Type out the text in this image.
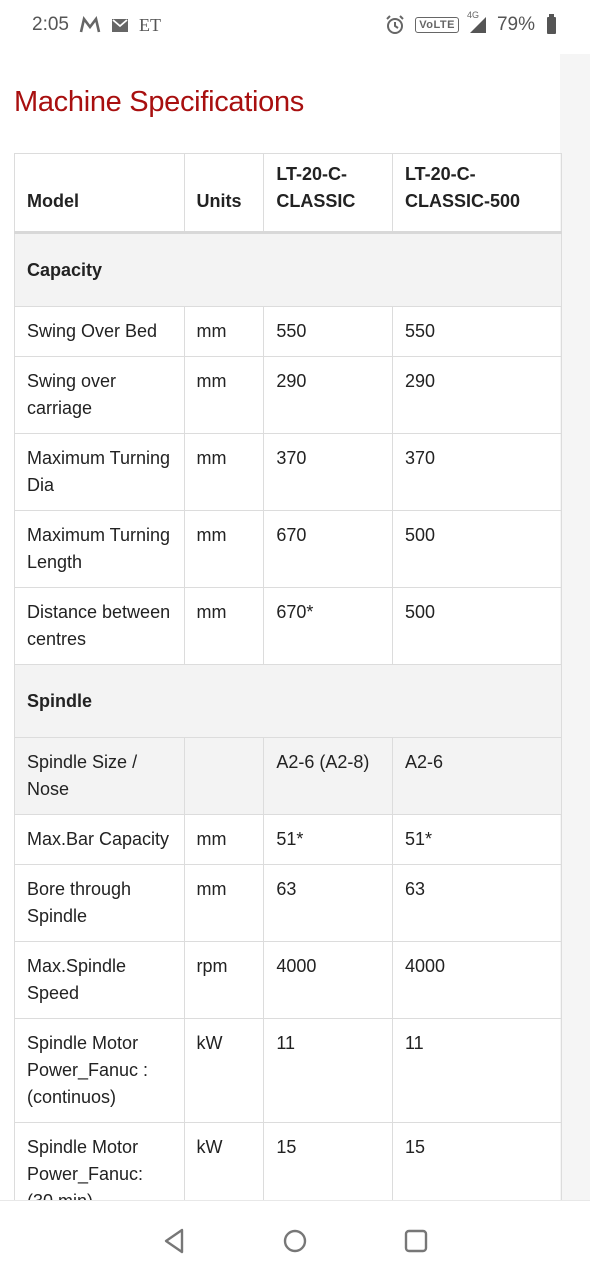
2:05	ET	VoLTE
4G 79%
Machine Specifications
Model	Units	LT-20-C-CLASSIC	LT-20-C-CLASSIC-500
Capacity			
Swing Over Bed	mm	550	550
Swing over carriage	mm	290	290
Maximum Turning Dia	mm	370	370
Maximum Turning Length	mm	670	500
Distance between centres	mm	670*	500
Spindle			
Spindle Size / Nose		A2-6 (A2-8)	A2-6
Max.Bar Capacity	mm	51*	51*
Bore through Spindle	mm	63	63
Max.Spindle Speed	rpm	4000	4000
Spindle Motor Power_Fanuc : (continuos)	kW	11	11
Spindle Motor Power_Fanuc:	kW	15	15
